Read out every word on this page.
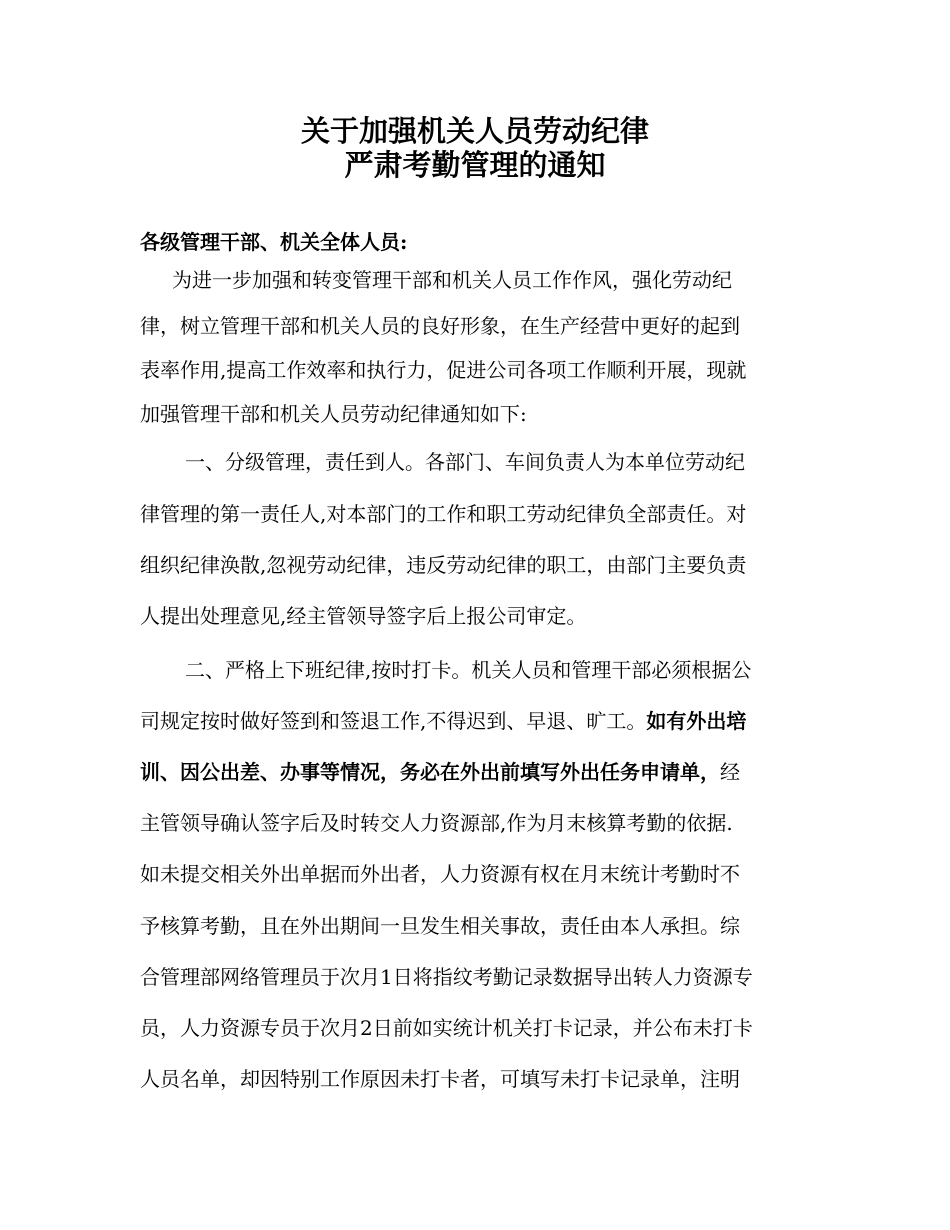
关于加强机关人员劳动纪律
严肃考勤管理的通知
各级管理干部、机关全体人员:
为进一步加强和转变管理干部和机关人员工作作风，强化劳动纪
律，树立管理干部和机关人员的良好形象，在生产经营中更好的起到
表率作用,提高工作效率和执行力，促进公司各项工作顺利开展，现就
加强管理干部和机关人员劳动纪律通知如下:
一、分级管理，责任到人。各部门、车间负责人为本单位劳动纪
律管理的第一责任人,对本部门的工作和职工劳动纪律负全部责任。对
组织纪律涣散,忽视劳动纪律，违反劳动纪律的职工，由部门主要负责
人提出处理意见,经主管领导签字后上报公司审定。
二、严格上下班纪律,按时打卡。机关人员和管理干部必须根据公
司规定按时做好签到和签退工作,不得迟到、早退、旷工。如有外出培
训、因公出差、办事等情况，务必在外出前填写外出任务申请单，经
主管领导确认签字后及时转交人力资源部,作为月末核算考勤的依据.
如未提交相关外出单据而外出者，人力资源有权在月末统计考勤时不
予核算考勤，且在外出期间一旦发生相关事故，责任由本人承担。综
合管理部网络管理员于次月1日将指纹考勤记录数据导出转人力资源专
员，人力资源专员于次月2日前如实统计机关打卡记录，并公布未打卡
人员名单，却因特别工作原因未打卡者，可填写未打卡记录单，注明
